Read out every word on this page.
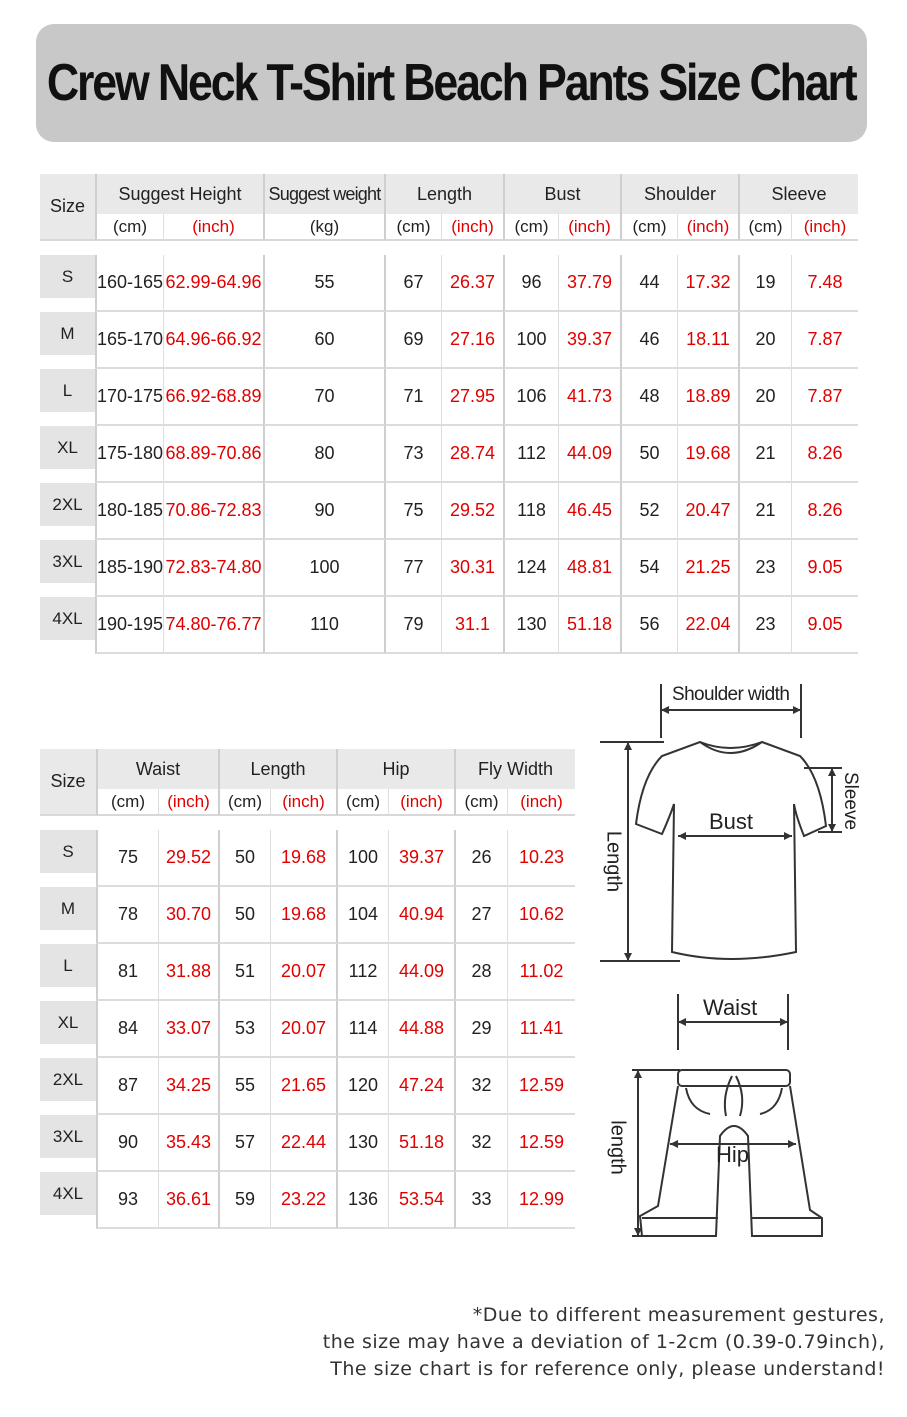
Crew Neck T-Shirt Beach Pants Size Chart
Size	Suggest Height		Suggest weight	Length		Bust		Shoulder		Sleeve	
	(cm)	(inch)	(kg)	(cm)	(inch)	(cm)	(inch)	(cm)	(inch)	(cm)	(inch)

S	160-165	62.99-64.96	55	67	26.37	96	37.79	44	17.32	19	7.48
M	165-170	64.96-66.92	60	69	27.16	100	39.37	46	18.11	20	7.87
L	170-175	66.92-68.89	70	71	27.95	106	41.73	48	18.89	20	7.87
XL	175-180	68.89-70.86	80	73	28.74	112	44.09	50	19.68	21	8.26
2XL	180-185	70.86-72.83	90	75	29.52	118	46.45	52	20.47	21	8.26
3XL	185-190	72.83-74.80	100	77	30.31	124	48.81	54	21.25	23	9.05
4XL	190-195	74.80-76.77	110	79	31.1	130	51.18	56	22.04	23	9.05
Size	Waist		Length		Hip		Fly Width	
	(cm)	(inch)	(cm)	(inch)	(cm)	(inch)	(cm)	(inch)

S	75	29.52	50	19.68	100	39.37	26	10.23
M	78	30.70	50	19.68	104	40.94	27	10.62
L	81	31.88	51	20.07	112	44.09	28	11.02
XL	84	33.07	53	20.07	114	44.88	29	11.41
2XL	87	34.25	55	21.65	120	47.24	32	12.59
3XL	90	35.43	57	22.44	130	51.18	32	12.59
4XL	93	36.61	59	23.22	136	53.54	33	12.99
Shoulder width
Bust
Length
Sleeve
Waist
Hip
length
*Due to different measurement gestures,
the size may have a deviation of 1-2cm (0.39-0.79inch),
The size chart is for reference only, please understand!
